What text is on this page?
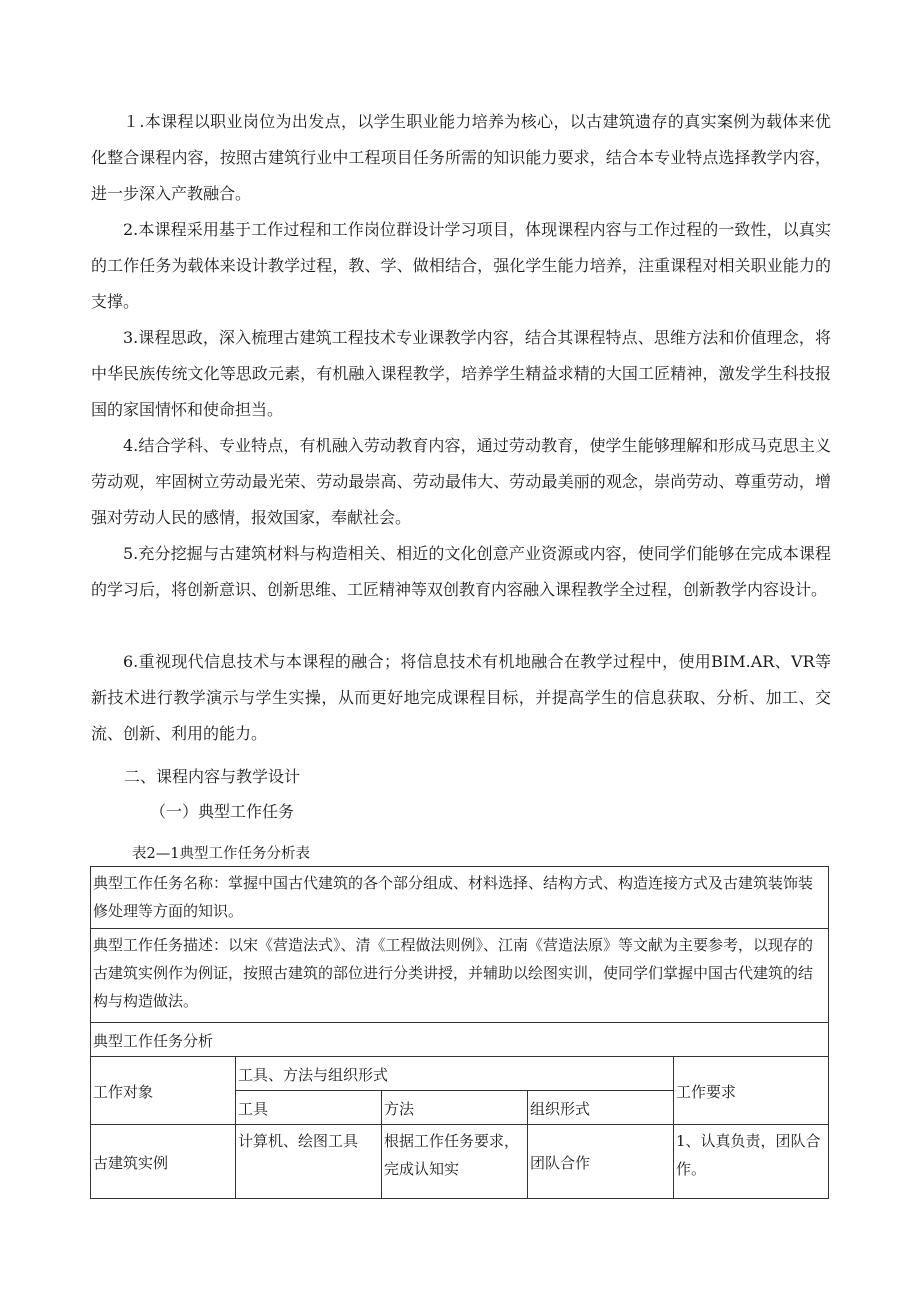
１.本课程以职业岗位为出发点，以学生职业能力培养为核心，以古建筑遗存的真实案例为载体来优化整合课程内容，按照古建筑行业中工程项目任务所需的知识能力要求，结合本专业特点选择教学内容，进一步深入产教融合。

2.本课程采用基于工作过程和工作岗位群设计学习项目，体现课程内容与工作过程的一致性，以真实的工作任务为载体来设计教学过程，教、学、做相结合，强化学生能力培养，注重课程对相关职业能力的支撑。

3.课程思政，深入梳理古建筑工程技术专业课教学内容，结合其课程特点、思维方法和价值理念，将中华民族传统文化等思政元素，有机融入课程教学，培养学生精益求精的大国工匠精神，激发学生科技报国的家国情怀和使命担当。

4.结合学科、专业特点，有机融入劳动教育内容，通过劳动教育，使学生能够理解和形成马克思主义劳动观，牢固树立劳动最光荣、劳动最崇高、劳动最伟大、劳动最美丽的观念，崇尚劳动、尊重劳动，增强对劳动人民的感情，报效国家，奉献社会。

5.充分挖掘与古建筑材料与构造相关、相近的文化创意产业资源或内容，使同学们能够在完成本课程的学习后，将创新意识、创新思维、工匠精神等双创教育内容融入课程教学全过程，创新教学内容设计。

6.重视现代信息技术与本课程的融合；将信息技术有机地融合在教学过程中，使用BIM.AR、VR等新技术进行教学演示与学生实操，从而更好地完成课程目标，并提高学生的信息获取、分析、加工、交流、创新、利用的能力。

二、课程内容与教学设计

（一）典型工作任务

表2—1典型工作任务分析表

典型工作任务名称：掌握中国古代建筑的各个部分组成、材料选择、结构方式、构造连接方式及古建筑装饰装修处理等方面的知识。				
典型工作任务描述：以宋《营造法式》、清《工程做法则例》、江南《营造法原》等文献为主要参考，以现存的古建筑实例作为例证，按照古建筑的部位进行分类讲授，并辅助以绘图实训，使同学们掌握中国古代建筑的结构与构造做法。				
典型工作任务分析				
工作对象	工具、方法与组织形式			工作要求
	工具	方法	组织形式	
古建筑实例	计算机、绘图工具	根据工作任务要求，完成认知实	团队合作	1、认真负责，团队合作。
